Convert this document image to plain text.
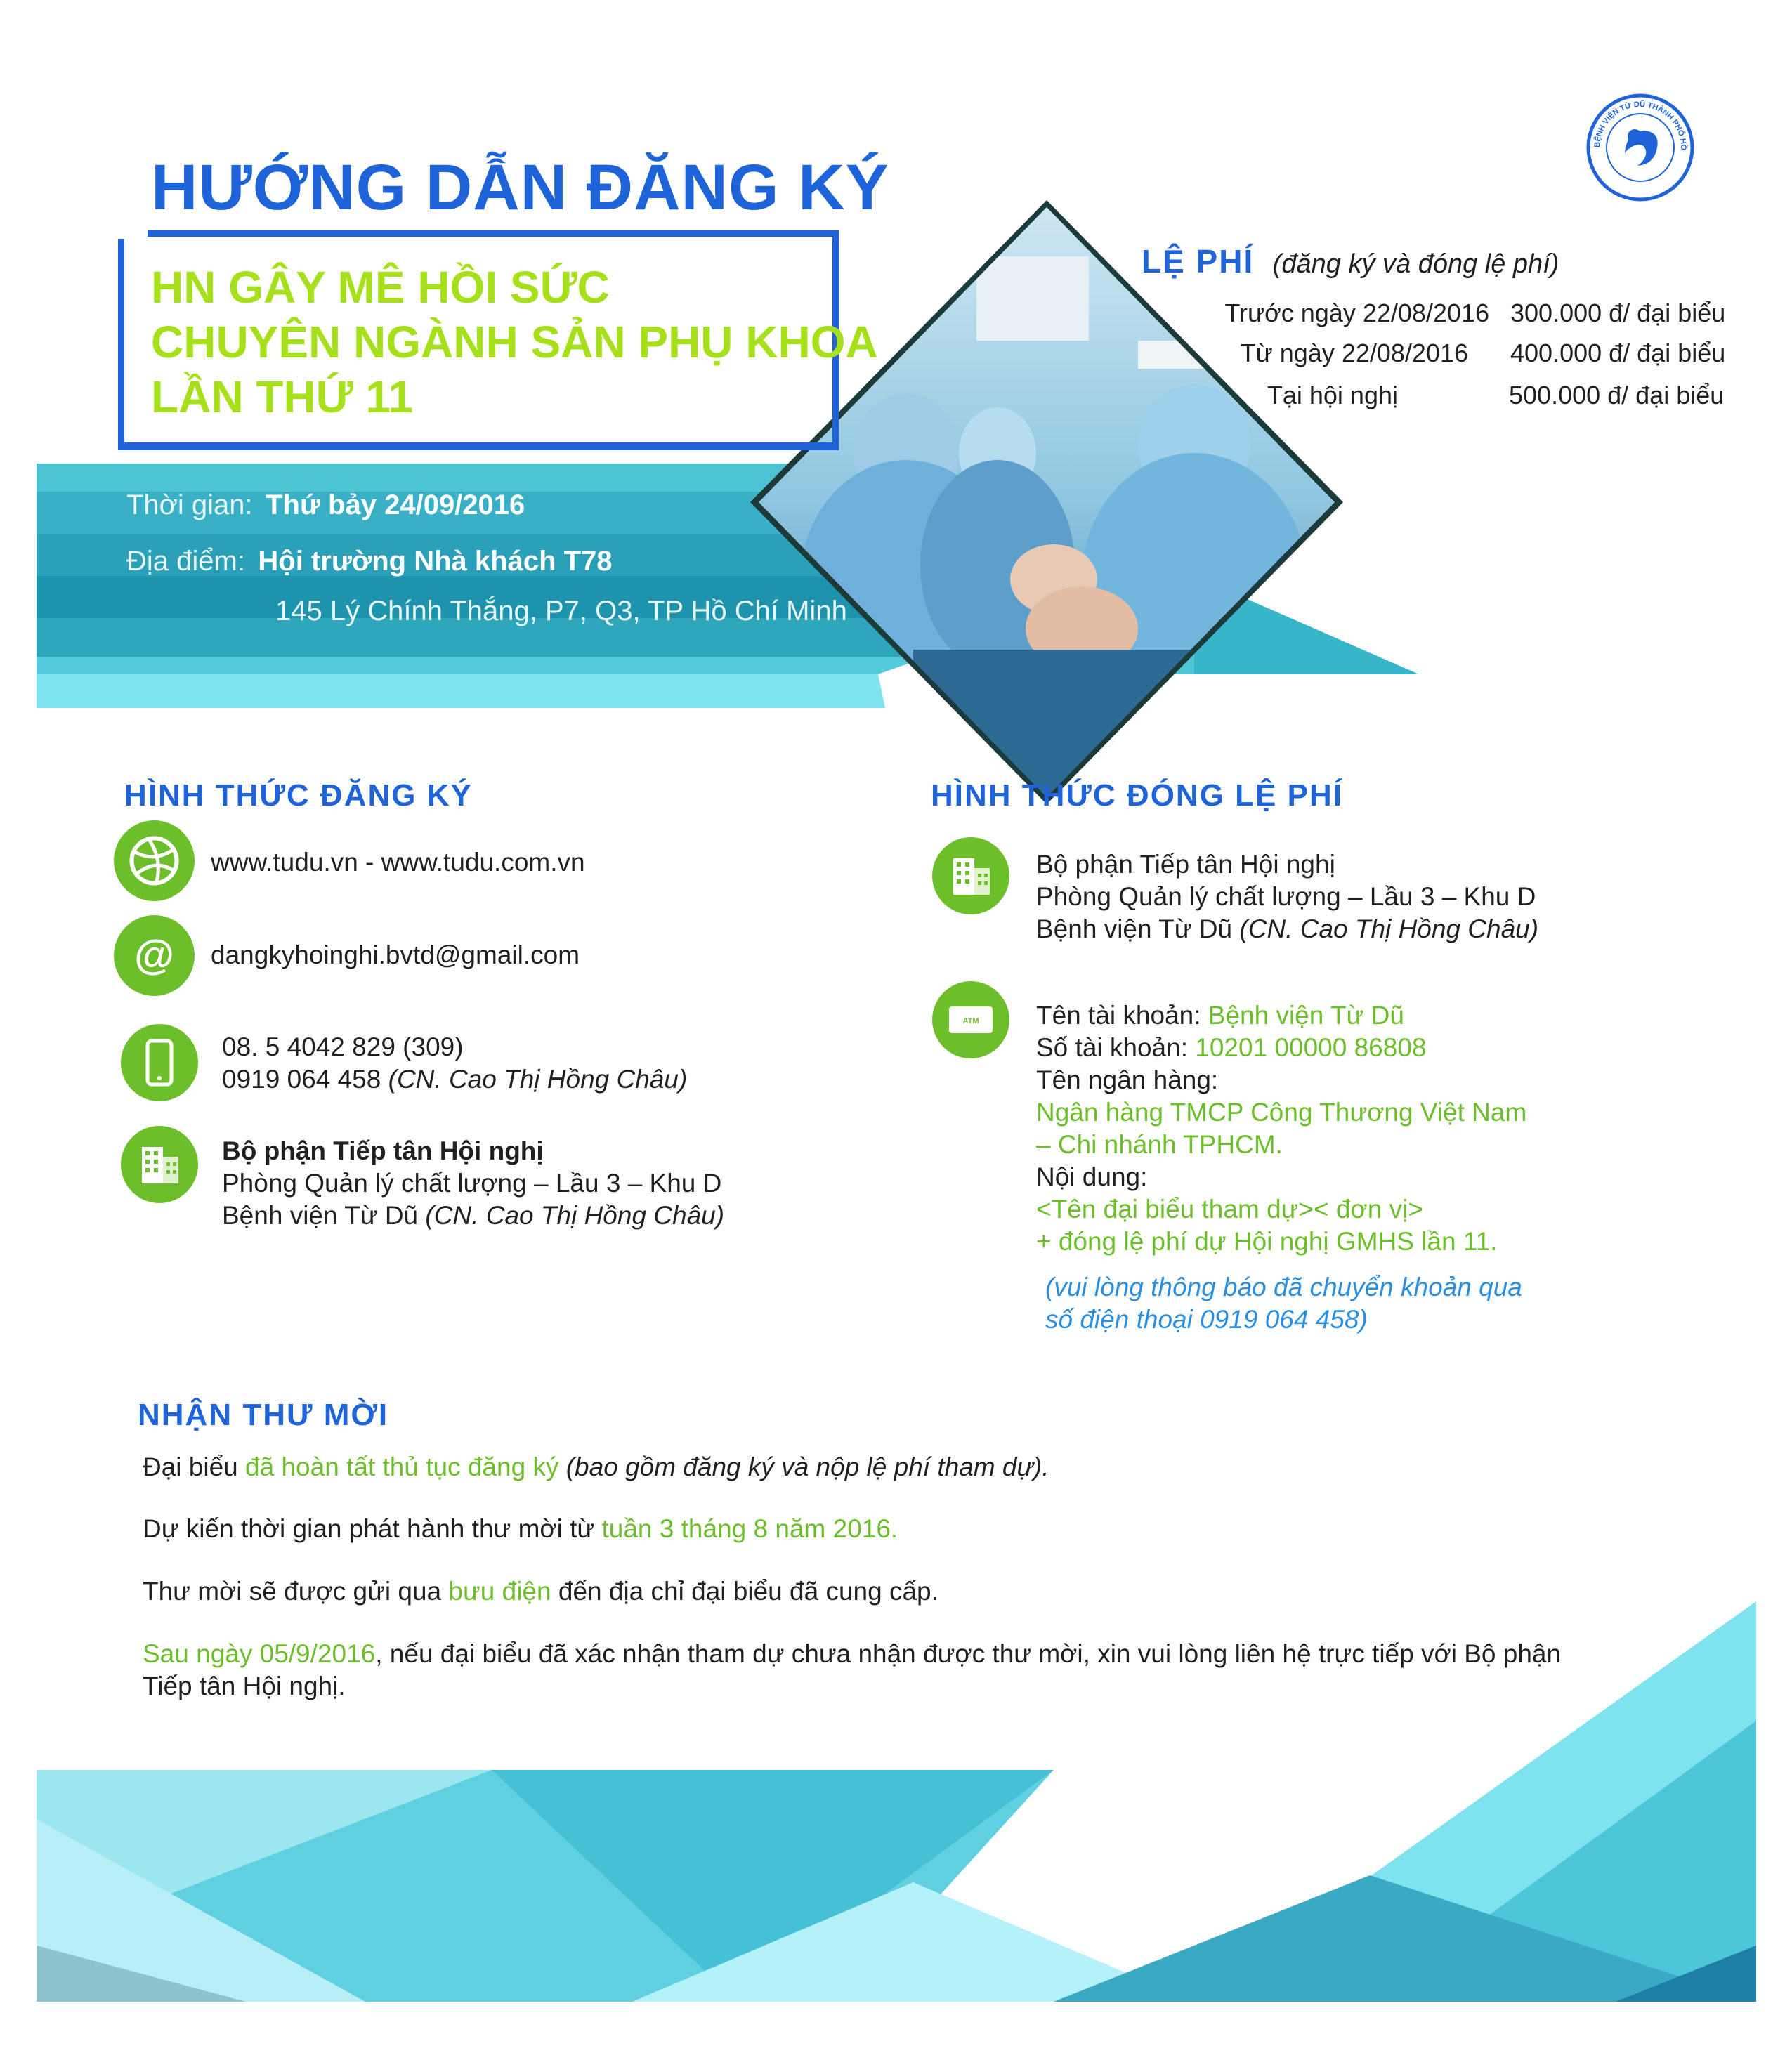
BỆNH VIỆN TỪ DŨ THÀNH PHỐ HỒ
HƯỚNG DẪN ĐĂNG KÝ
HN GÂY MÊ HỒI SỨC
CHUYÊN NGÀNH SẢN PHỤ KHOA
LẦN THỨ 11
Thời gian: Thứ bảy 24/09/2016
Địa điểm: Hội trường Nhà khách T78
145 Lý Chính Thắng, P7, Q3, TP Hồ Chí Minh
LỆ PHÍ (đăng ký và đóng lệ phí)
Trước ngày 22/08/2016 300.000 đ/ đại biểu
Từ ngày 22/08/2016 400.000 đ/ đại biểu
Tại hội nghị	500.000 đ/ đại biểu
HÌNH THỨC ĐĂNG KÝ
www.tudu.vn - www.tudu.com.vn
@ dangkyhoinghi.bvtd@gmail.com
08. 5 4042 829 (309)
0919 064 458 (CN. Cao Thị Hồng Châu)
Bộ phận Tiếp tân Hội nghị
Phòng Quản lý chất lượng – Lầu 3 – Khu D
Bệnh viện Từ Dũ (CN. Cao Thị Hồng Châu)
HÌNH THỨC ĐÓNG LỆ PHÍ
Bộ phận Tiếp tân Hội nghị
Phòng Quản lý chất lượng – Lầu 3 – Khu D
Bệnh viện Từ Dũ (CN. Cao Thị Hồng Châu)
ATM Tên tài khoản: Bệnh viện Từ Dũ
Số tài khoản: 10201 00000 86808
Tên ngân hàng:
Ngân hàng TMCP Công Thương Việt Nam
– Chi nhánh TPHCM.
Nội dung:
<Tên đại biểu tham dự>< đơn vị>
+ đóng lệ phí dự Hội nghị GMHS lần 11.
(vui lòng thông báo đã chuyển khoản qua
số điện thoại 0919 064 458)
NHẬN THƯ MỜI
Đại biểu đã hoàn tất thủ tục đăng ký (bao gồm đăng ký và nộp lệ phí tham dự).
Dự kiến thời gian phát hành thư mời từ tuần 3 tháng 8 năm 2016.
Thư mời sẽ được gửi qua bưu điện đến địa chỉ đại biểu đã cung cấp.
Sau ngày 05/9/2016, nếu đại biểu đã xác nhận tham dự chưa nhận được thư mời, xin vui lòng liên hệ trực tiếp với Bộ phận
Tiếp tân Hội nghị.
